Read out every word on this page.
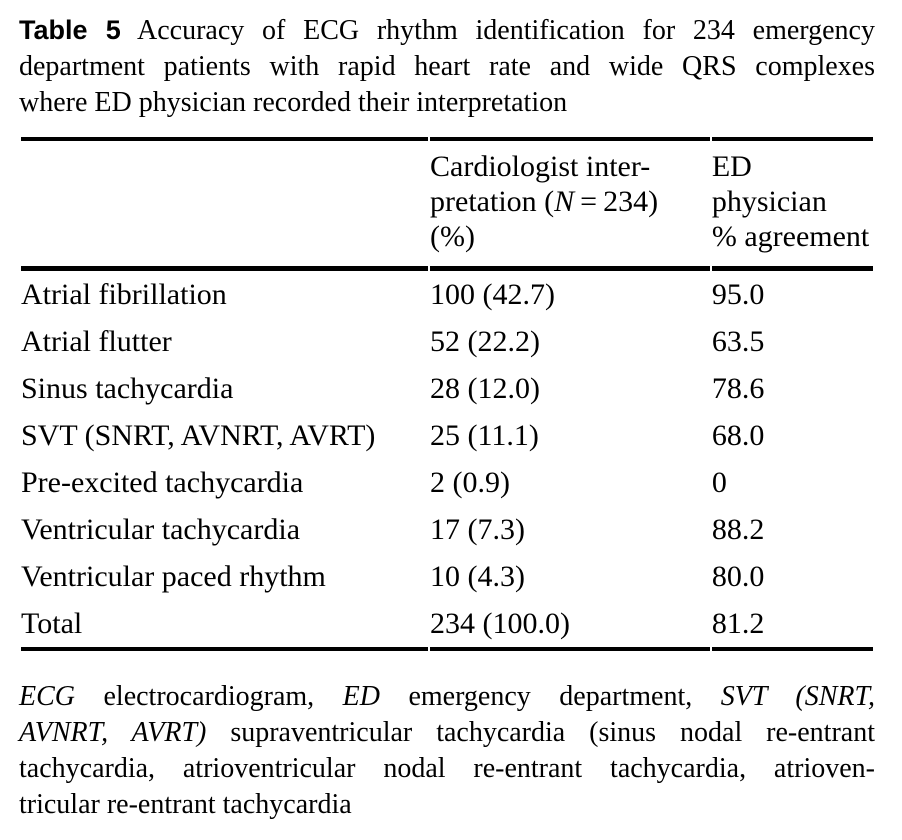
Table 5 Accuracy of ECG rhythm identification for 234 emergency
department patients with rapid heart rate and wide QRS complexes
where ED physician recorded their interpretation
	Cardiologist inter-
pretation (N = 234)
(%)	ED physician
% agreement
Atrial fibrillation	100 (42.7)	95.0
Atrial flutter	52 (22.2)	63.5
Sinus tachycardia	28 (12.0)	78.6
SVT (SNRT, AVNRT, AVRT)	25 (11.1)	68.0
Pre-excited tachycardia	2 (0.9)	0
Ventricular tachycardia	17 (7.3)	88.2
Ventricular paced rhythm	10 (4.3)	80.0
Total	234 (100.0)	81.2
ECG electrocardiogram, ED emergency department, SVT (SNRT,
AVNRT, AVRT) supraventricular tachycardia (sinus nodal re-entrant
tachycardia, atrioventricular nodal re-entrant tachycardia, atrioven-
tricular re-entrant tachycardia
